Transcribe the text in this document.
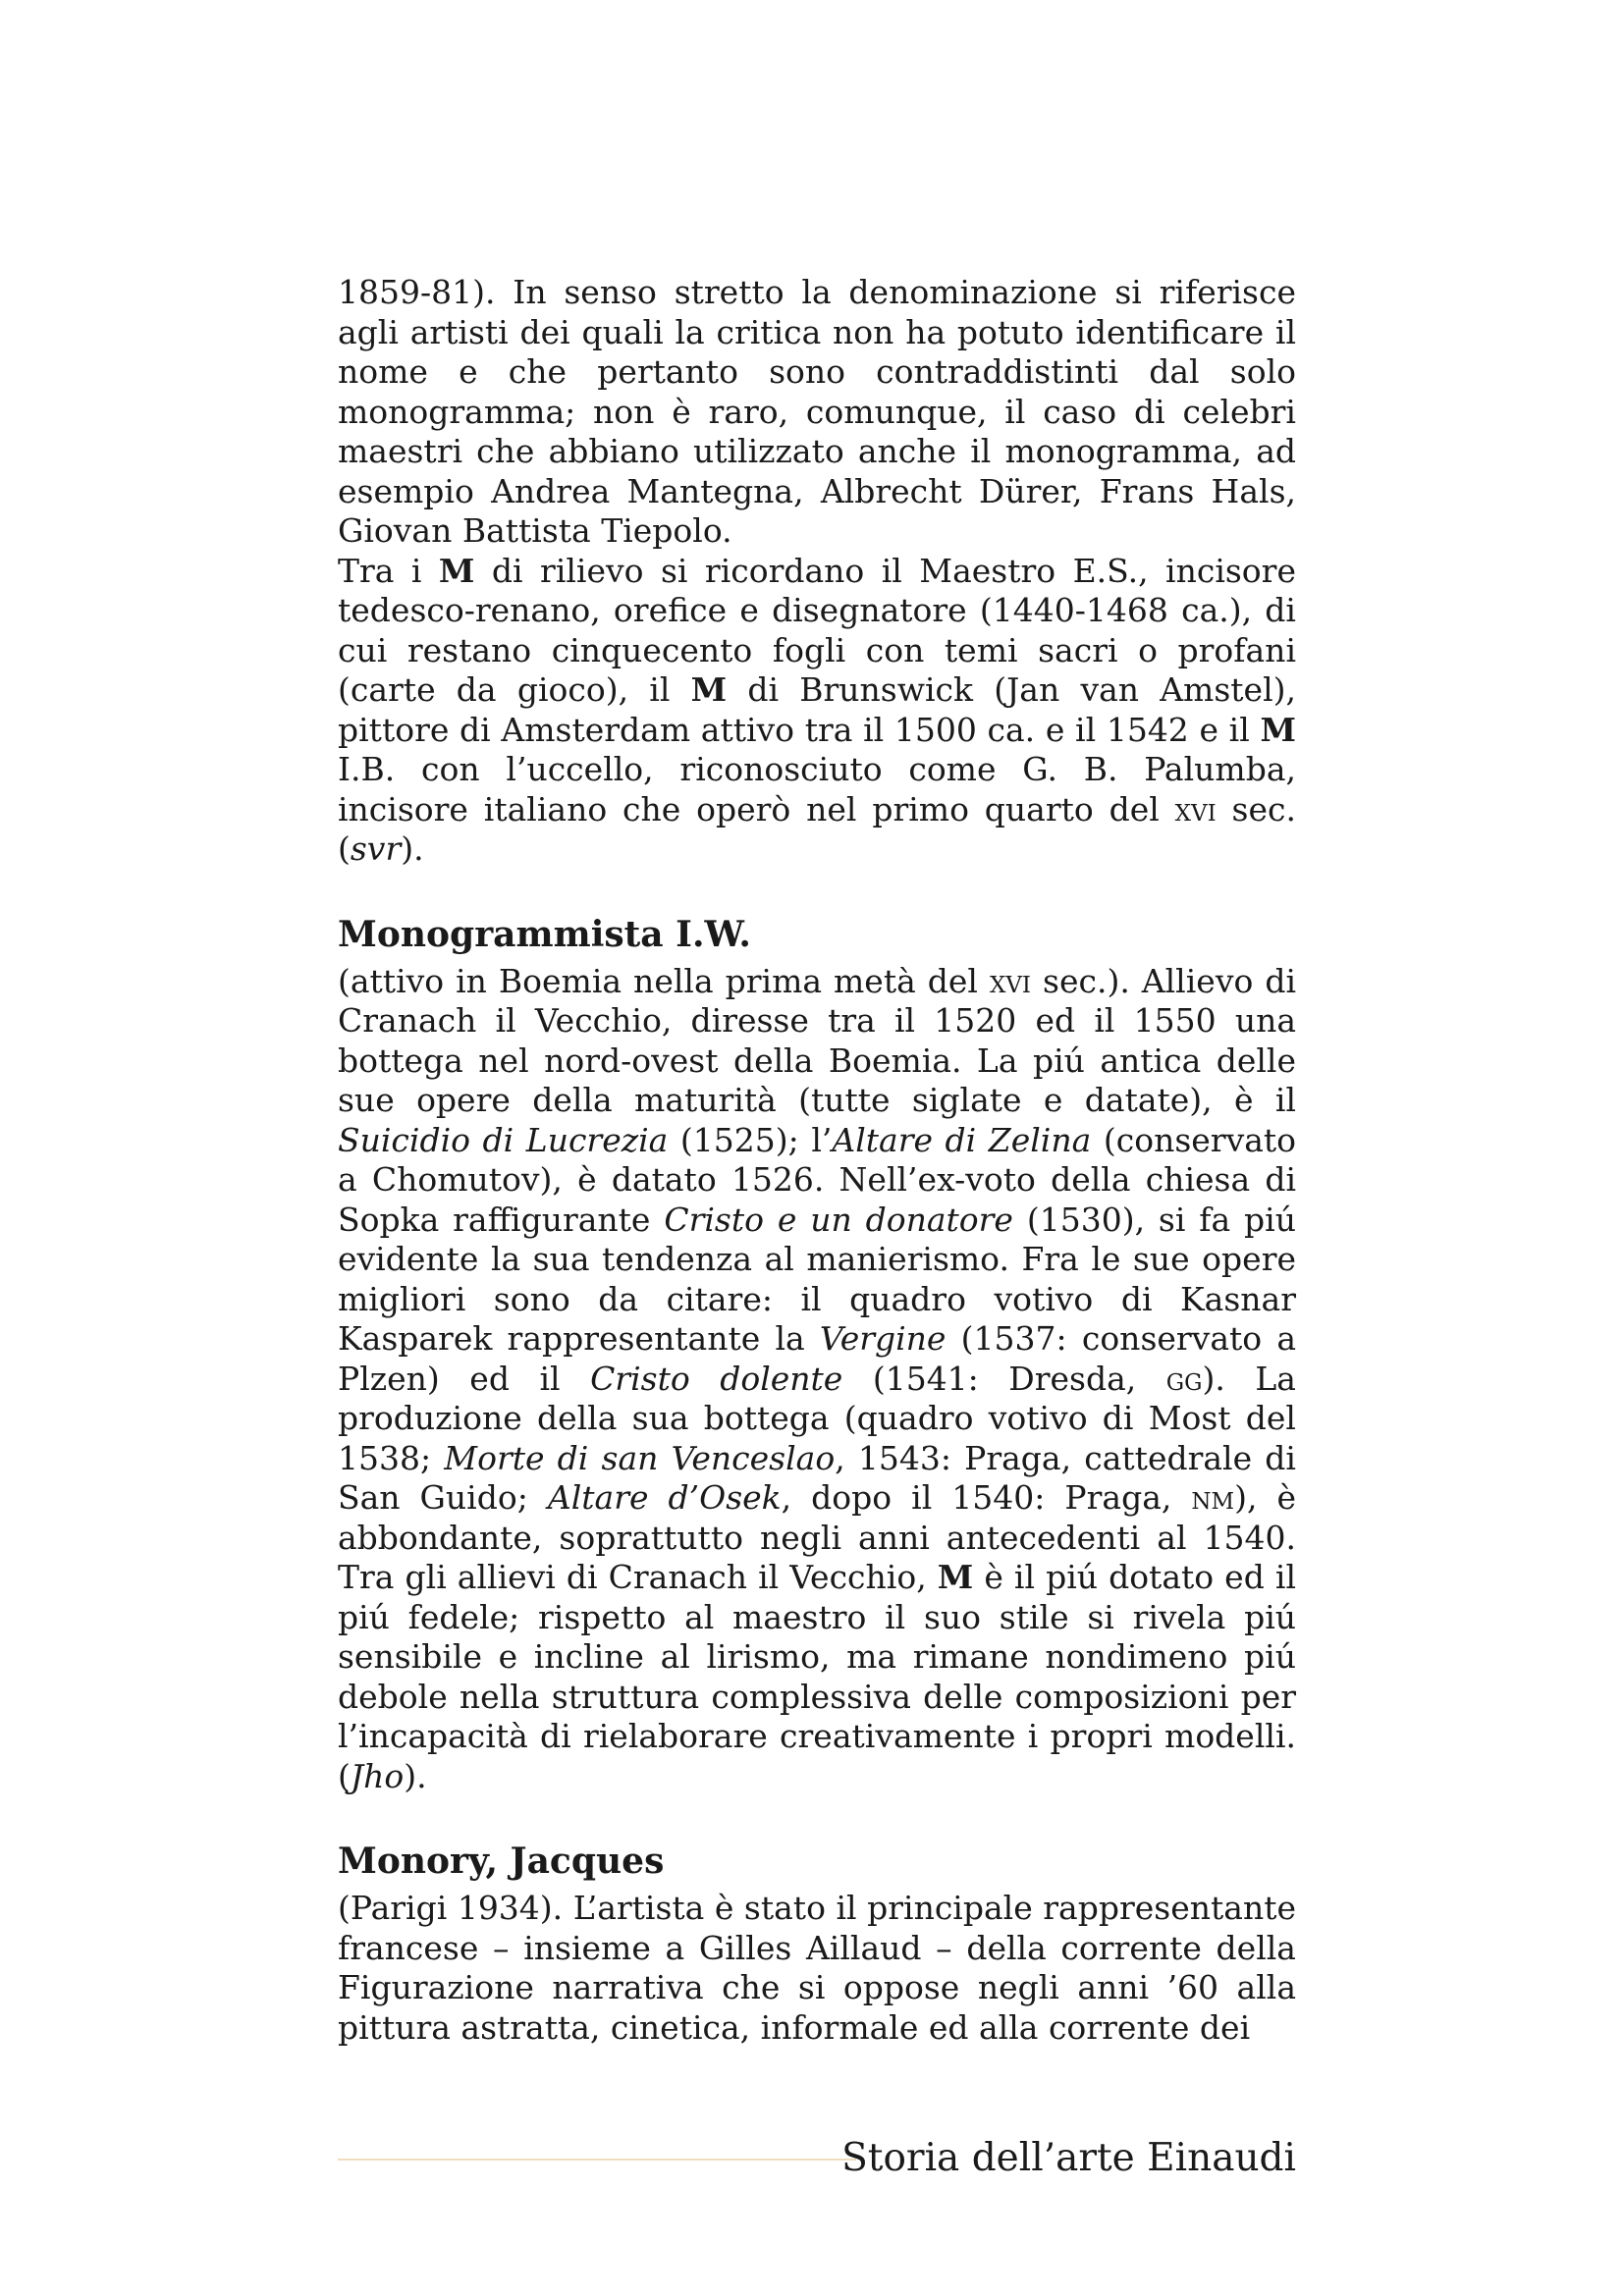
1859-81). In senso stretto la denominazione si riferisce agli artisti dei quali la critica non ha potuto identificare il nome e che pertanto sono contraddistinti dal solo monogramma; non è raro, comunque, il caso di celebri maestri che abbiano utilizzato anche il monogramma, ad esempio Andrea Mantegna, Albrecht Dürer, Frans Hals, Giovan Battista Tiepolo.

Tra i M di rilievo si ricordano il Maestro E.S., incisore tedesco-renano, orefice e disegnatore (1440-1468 ca.), di cui restano cinquecento fogli con temi sacri o profani (carte da gioco), il M di Brunswick (Jan van Amstel), pittore di Amsterdam attivo tra il 1500 ca. e il 1542 e il M I.B. con l’uccello, riconosciuto come G. B. Palumba, incisore italiano che operò nel primo quarto del xvi sec. (svr).

Monogrammista I.W.

(attivo in Boemia nella prima metà del xvi sec.). Allievo di Cranach il Vecchio, diresse tra il 1520 ed il 1550 una bottega nel nord-ovest della Boemia. La piú antica delle sue opere della maturità (tutte siglate e datate), è il Suicidio di Lucrezia (1525); l’Altare di Zelina (conservato a Chomutov), è datato 1526. Nell’ex-voto della chiesa di Sopka raffigurante Cristo e un donatore (1530), si fa piú evidente la sua tendenza al manierismo. Fra le sue opere migliori sono da citare: il quadro votivo di Kasnar Kasparek rappresentante la Vergine (1537: conservato a Plzen) ed il Cristo dolente (1541: Dresda, gg). La produzione della sua bottega (quadro votivo di Most del 1538; Morte di san Venceslao, 1543: Praga, cattedrale di San Guido; Altare d’Osek, dopo il 1540: Praga, nm), è abbondante, soprattutto negli anni antecedenti al 1540. Tra gli allievi di Cranach il Vecchio, M è il piú dotato ed il piú fedele; rispetto al maestro il suo stile si rivela piú sensibile e incline al lirismo, ma rimane nondimeno piú debole nella struttura complessiva delle composizioni per l’incapacità di rielaborare creativamente i propri modelli. (Jho).

Monory, Jacques

(Parigi 1934). L’artista è stato il principale rappresentante francese – insieme a Gilles Aillaud – della corrente della Figurazione narrativa che si oppose negli anni ’60 alla pittura astratta, cinetica, informale ed alla corrente dei

Storia dell’arte Einaudi
